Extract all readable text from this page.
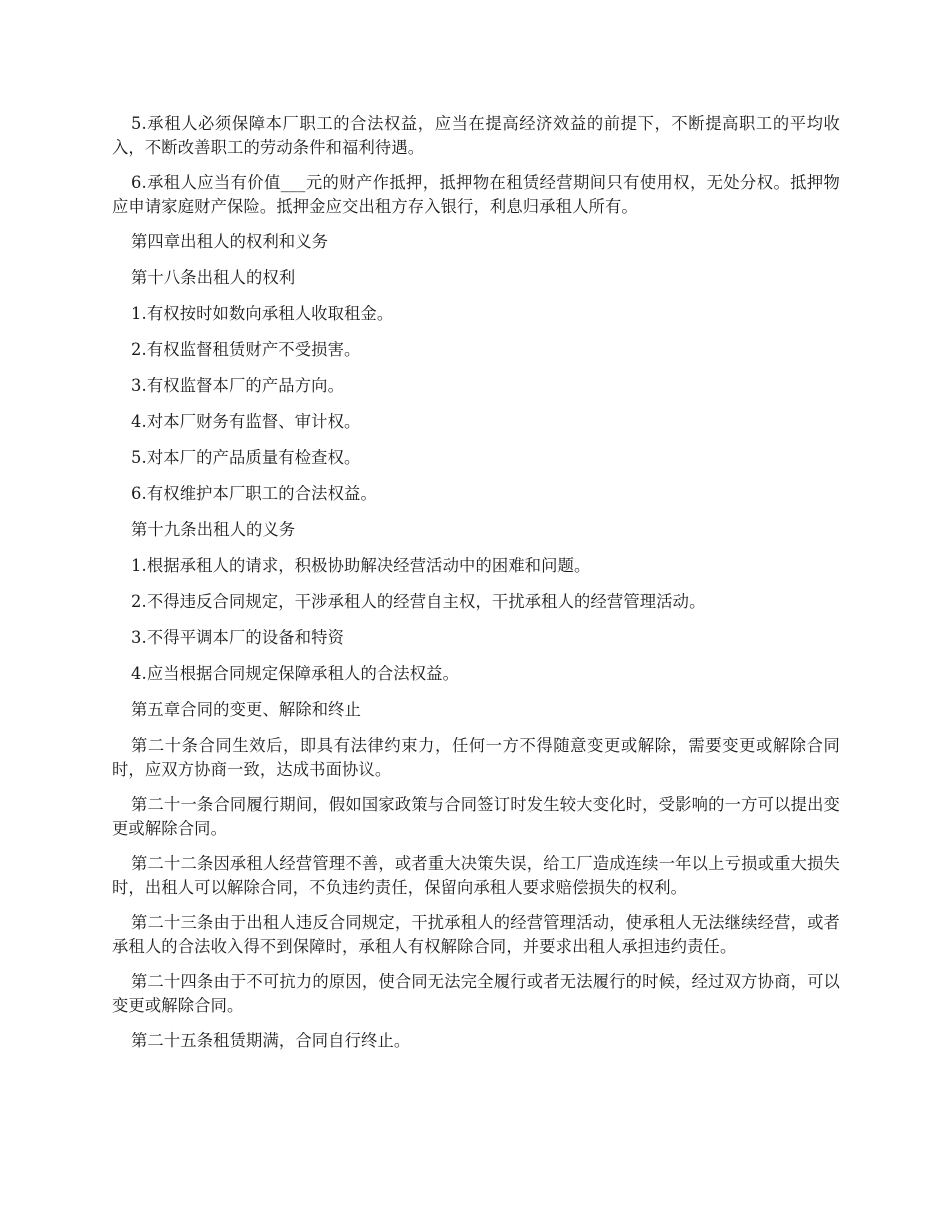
5.承租人必须保障本厂职工的合法权益，应当在提高经济效益的前提下，不断提高职工的平均收入，不断改善职工的劳动条件和福利待遇。

6.承租人应当有价值___元的财产作抵押，抵押物在租赁经营期间只有使用权，无处分权。抵押物应申请家庭财产保险。抵押金应交出租方存入银行，利息归承租人所有。

第四章出租人的权利和义务

第十八条出租人的权利

1.有权按时如数向承租人收取租金。

2.有权监督租赁财产不受损害。

3.有权监督本厂的产品方向。

4.对本厂财务有监督、审计权。

5.对本厂的产品质量有检查权。

6.有权维护本厂职工的合法权益。

第十九条出租人的义务

1.根据承租人的请求，积极协助解决经营活动中的困难和问题。

2.不得违反合同规定，干涉承租人的经营自主权，干扰承租人的经营管理活动。

3.不得平调本厂的设备和特资

4.应当根据合同规定保障承租人的合法权益。

第五章合同的变更、解除和终止

第二十条合同生效后，即具有法律约束力，任何一方不得随意变更或解除，需要变更或解除合同时，应双方协商一致，达成书面协议。

第二十一条合同履行期间，假如国家政策与合同签订时发生较大变化时，受影响的一方可以提出变更或解除合同。

第二十二条因承租人经营管理不善，或者重大决策失误，给工厂造成连续一年以上亏损或重大损失时，出租人可以解除合同，不负违约责任，保留向承租人要求赔偿损失的权利。

第二十三条由于出租人违反合同规定，干扰承租人的经营管理活动，使承租人无法继续经营，或者承租人的合法收入得不到保障时，承租人有权解除合同，并要求出租人承担违约责任。

第二十四条由于不可抗力的原因，使合同无法完全履行或者无法履行的时候，经过双方协商，可以变更或解除合同。

第二十五条租赁期满，合同自行终止。
